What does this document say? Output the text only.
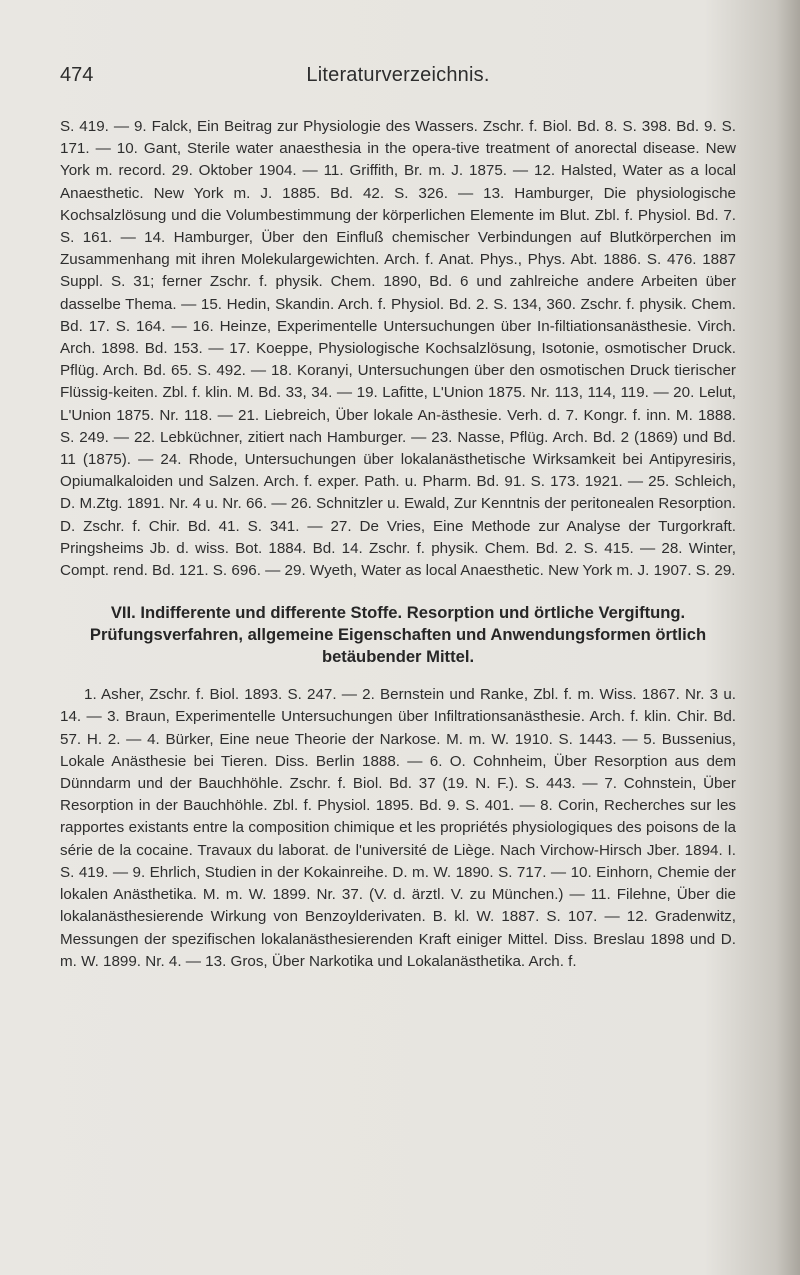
474	Literaturverzeichnis.

S. 419. — 9. Falck, Ein Beitrag zur Physiologie des Wassers. Zschr. f. Biol. Bd. 8. S. 398. Bd. 9. S. 171. — 10. Gant, Sterile water anaesthesia in the opera-tive treatment of anorectal disease. New York m. record. 29. Oktober 1904. — 11. Griffith, Br. m. J. 1875. — 12. Halsted, Water as a local Anaesthetic. New York m. J. 1885. Bd. 42. S. 326. — 13. Hamburger, Die physiologische Kochsalzlösung und die Volumbestimmung der körperlichen Elemente im Blut. Zbl. f. Physiol. Bd. 7. S. 161. — 14. Hamburger, Über den Einfluß chemischer Verbindungen auf Blutkörperchen im Zusammenhang mit ihren Molekulargewichten. Arch. f. Anat. Phys., Phys. Abt. 1886. S. 476. 1887 Suppl. S. 31; ferner Zschr. f. physik. Chem. 1890, Bd. 6 und zahlreiche andere Arbeiten über dasselbe Thema. — 15. Hedin, Skandin. Arch. f. Physiol. Bd. 2. S. 134, 360. Zschr. f. physik. Chem. Bd. 17. S. 164. — 16. Heinze, Experimentelle Untersuchungen über In-filtiationsanästhesie. Virch. Arch. 1898. Bd. 153. — 17. Koeppe, Physiologische Kochsalzlösung, Isotonie, osmotischer Druck. Pflüg. Arch. Bd. 65. S. 492. — 18. Koranyi, Untersuchungen über den osmotischen Druck tierischer Flüssig-keiten. Zbl. f. klin. M. Bd. 33, 34. — 19. Lafitte, L'Union 1875. Nr. 113, 114, 119. — 20. Lelut, L'Union 1875. Nr. 118. — 21. Liebreich, Über lokale An-ästhesie. Verh. d. 7. Kongr. f. inn. M. 1888. S. 249. — 22. Lebküchner, zitiert nach Hamburger. — 23. Nasse, Pflüg. Arch. Bd. 2 (1869) und Bd. 11 (1875). — 24. Rhode, Untersuchungen über lokalanästhetische Wirksamkeit bei Antipyresiris, Opiumalkaloiden und Salzen. Arch. f. exper. Path. u. Pharm. Bd. 91. S. 173. 1921. — 25. Schleich, D. M.Ztg. 1891. Nr. 4 u. Nr. 66. — 26. Schnitzler u. Ewald, Zur Kenntnis der peritonealen Resorption. D. Zschr. f. Chir. Bd. 41. S. 341. — 27. De Vries, Eine Methode zur Analyse der Turgorkraft. Pringsheims Jb. d. wiss. Bot. 1884. Bd. 14. Zschr. f. physik. Chem. Bd. 2. S. 415. — 28. Winter, Compt. rend. Bd. 121. S. 696. — 29. Wyeth, Water as local Anaesthetic. New York m. J. 1907. S. 29.

VII. Indifferente und differente Stoffe. Resorption und örtliche Vergiftung.
Prüfungsverfahren, allgemeine Eigenschaften und Anwendungsformen örtlich
betäubender Mittel.

1. Asher, Zschr. f. Biol. 1893. S. 247. — 2. Bernstein und Ranke, Zbl. f. m. Wiss. 1867. Nr. 3 u. 14. — 3. Braun, Experimentelle Untersuchungen über Infiltrationsanästhesie. Arch. f. klin. Chir. Bd. 57. H. 2. — 4. Bürker, Eine neue Theorie der Narkose. M. m. W. 1910. S. 1443. — 5. Bussenius, Lokale Anästhesie bei Tieren. Diss. Berlin 1888. — 6. O. Cohnheim, Über Resorption aus dem Dünndarm und der Bauchhöhle. Zschr. f. Biol. Bd. 37 (19. N. F.). S. 443. — 7. Cohnstein, Über Resorption in der Bauchhöhle. Zbl. f. Physiol. 1895. Bd. 9. S. 401. — 8. Corin, Recherches sur les rapportes existants entre la composition chimique et les propriétés physiologiques des poisons de la série de la cocaine. Travaux du laborat. de l'université de Liège. Nach Virchow-Hirsch Jber. 1894. I. S. 419. — 9. Ehrlich, Studien in der Kokainreihe. D. m. W. 1890. S. 717. — 10. Einhorn, Chemie der lokalen Anästhetika. M. m. W. 1899. Nr. 37. (V. d. ärztl. V. zu München.) — 11. Filehne, Über die lokalanästhesierende Wirkung von Benzoylderivaten. B. kl. W. 1887. S. 107. — 12. Gradenwitz, Messungen der spezifischen lokalanästhesierenden Kraft einiger Mittel. Diss. Breslau 1898 und D. m. W. 1899. Nr. 4. — 13. Gros, Über Narkotika und Lokalanästhetika. Arch. f.
